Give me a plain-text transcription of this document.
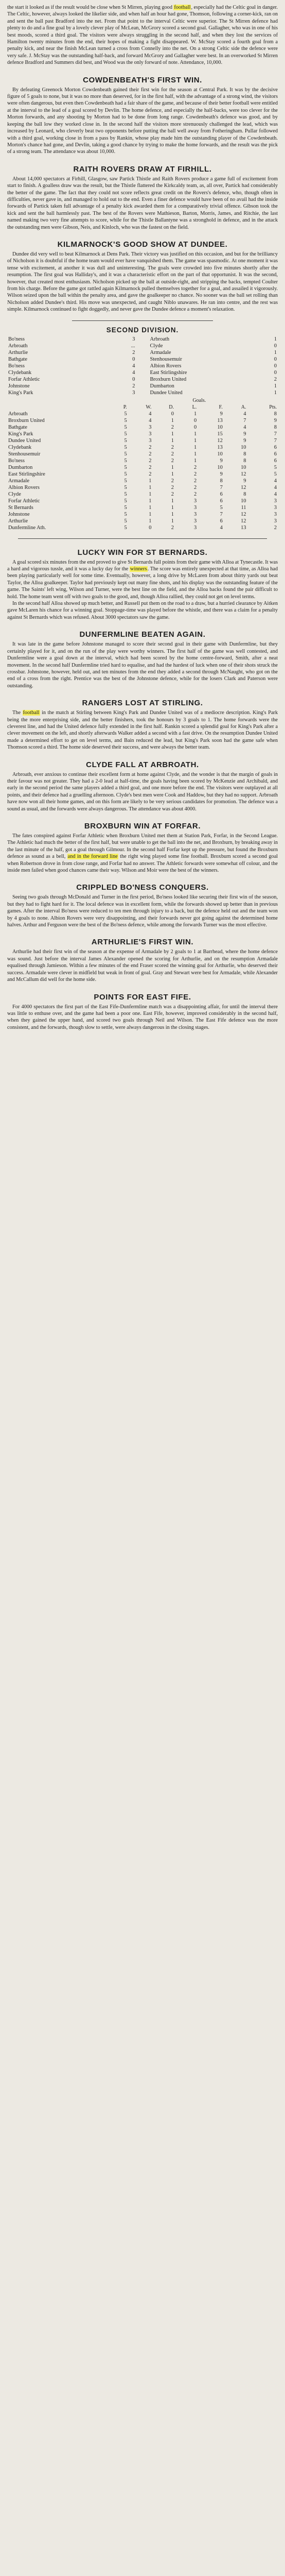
the start it looked as if the result would be close when St Mirren, playing good football, especially had the Celtic goal in danger. The Celtic, however, always looked the likelier side, and when half an hour had gone, Thomson, following a corner-kick, ran on and sent the ball past Bradford into the net. From that point to the interval Celtic were superior. The St Mirren defence had plenty to do and a fine goal by a lovely clever play of McLean, McGrory scored a second goal. Gallagher, who was in one of his best moods, scored a third goal. The visitors were always struggling in the second half, and when they lost the services of Hamilton twenty minutes from the end, their hopes of making a fight disappeared. W. McStay scored a fourth goal from a penalty kick, and near the finish McLean turned a cross from Connelly into the net. On a strong Celtic side the defence were very safe. J. McStay was the outstanding half-back, and forward McGrory and Gallagher were best. In an overworked St Mirren defence Bradford and Summers did best, and Wood was the only forward of note. Attendance, 10,000.

COWDENBEATH'S FIRST WIN.

By defeating Greenock Morton Cowdenbeath gained their first win for the season at Central Park. It was by the decisive figure of 5 goals to none, but it was no more than deserved, for in the first half, with the advantage of a strong wind, the visitors were often dangerous, but even then Cowdenbeath had a fair share of the game, and because of their better football were entitled at the interval to the lead of a goal scored by Devlin. The home defence, and especially the half-backs, were too clever for the Morton forwards, and any shooting by Morton had to be done from long range. Cowdenbeath's defence was good, and by keeping the ball low they worked close in. In the second half the visitors more strenuously challenged the lead, which was increased by Leonard, who cleverly beat two opponents before putting the ball well away from Fotheringham. Pullar followed with a third goal, working close in from a pass by Rankin, whose play made him the outstanding player of the Cowdenbeath. Morton's chance had gone, and Devlin, taking a good chance by trying to make the home forwards, and the result was the pick of a strong team. The attendance was about 10,000.

RAITH ROVERS DRAW AT FIRHILL.

About 14,000 spectators at Firhill, Glasgow, saw Partick Thistle and Raith Rovers produce a game full of excitement from start to finish. A goalless draw was the result, but the Thistle flattered the Kirkcaldy team, as, all over, Partick had considerably the better of the game. The fact that they could not score reflects great credit on the Rovers's defence, who, though often in difficulties, never gave in, and managed to hold out to the end. Even a finer defence would have been of no avail had the inside forwards of Partick taken full advantage of a penalty kick awarded them for a comparatively trivial offence. Gibson took the kick and sent the ball harmlessly past. The best of the Rovers were Mathieson, Barton, Morris, James, and Ritchie, the last named making two very fine attempts to score, while for the Thistle Ballantyne was a stronghold in defence, and in the attack the outstanding men were Gibson, Neis, and Kinloch, who was the fastest on the field.

KILMARNOCK'S GOOD SHOW AT DUNDEE.

Dundee did very well to beat Kilmarnock at Dens Park. Their victory was justified on this occasion, and but for the brilliancy of Nicholson it is doubtful if the home team would ever have vanquished them. The game was spasmodic. At one moment it was tense with excitement, at another it was dull and uninteresting. The goals were crowded into five minutes shortly after the resumption. The first goal was Halliday's, and it was a characteristic effort on the part of that opportunist. It was the second, however, that created most enthusiasm. Nicholson picked up the ball at outside-right, and stripping the backs, tempted Coulter from his charge. Before the game got rattled again Kilmarnock pulled themselves together for a goal, and assailed it vigorously. Wilson seized upon the ball within the penalty area, and gave the goalkeeper no chance. No sooner was the ball set rolling than Nicholson added Dundee's third. His move was unexpected, and caught Niblo unawares. He ran into centre, and the rest was simple. Kilmarnock continued to fight doggedly, and never gave the Dundee defence a moment's relaxation.

SECOND DIVISION.
Bo'ness	3		Arbroath	1
Arbroath	...		Clyde	0
Arthurlie	2		Armadale	1
Bathgate	0		Stenhousemuir	0
Bo'ness	4		Albion Rovers	0
Clydebank	4		East Stirlingshire	0
Forfar Athletic	0		Broxburn United	2
Johnstone	2		Dumbarton	1
King's Park	3		Dundee United	1
				Goals.			
	P.	W.	D.	L.	F.	A.	Pts.
Arbroath	5	4	0	1	9	4	8
Broxburn United	5	4	1	0	13	7	9
Bathgate	5	3	2	0	10	4	8
King's Park	5	3	1	1	15	9	7
Dundee United	5	3	1	1	12	9	7
Clydebank	5	2	2	1	13	10	6
Stenhousemuir	5	2	2	1	10	8	6
Bo'ness	5	2	2	1	9	8	6
Dumbarton	5	2	1	2	10	10	5
East Stirlingshire	5	2	1	2	9	12	5
Armadale	5	1	2	2	8	9	4
Albion Rovers	5	1	2	2	7	12	4
Clyde	5	1	2	2	6	8	4
Forfar Athletic	5	1	1	3	6	10	3
St Bernards	5	1	1	3	5	11	3
Johnstone	5	1	1	3	7	12	3
Arthurlie	5	1	1	3	6	12	3
Dunfermline Ath.	5	0	2	3	4	13	2
LUCKY WIN FOR ST BERNARDS.

A goal scored six minutes from the end proved to give St Bernards full points from their game with Alloa at Tynecastle. It was a hard and vigorous tussle, and it was a lucky day for the winners. The score was entirely unexpected at that time, as Alloa had been playing particularly well for some time. Eventually, however, a long drive by McLaren from about thirty yards out beat Taylor, the Alloa goalkeeper. Taylor had previously kept out many fine shots, and his display was the outstanding feature of the game. The Saints' left wing, Wilson and Turner, were the best line on the field, and the Alloa backs found the pair difficult to hold. The home team went off with two goals to the good, and, though Alloa rallied, they could not get on level terms.

In the second half Alloa showed up much better, and Russell put them on the road to a draw, but a hurried clearance by Aitken gave McLaren his chance for a winning goal. Stoppage-time was played before the whistle, and there was a claim for a penalty against St Bernards which was refused. About 3000 spectators saw the game.

DUNFERMLINE BEATEN AGAIN.

It was late in the game before Johnstone managed to score their second goal in their game with Dunfermline, but they certainly played for it, and on the run of the play were worthy winners. The first half of the game was well contested, and Dunfermline were a goal down at the interval, which had been scored by the home centre-forward, Smith, after a neat movement. In the second half Dunfermline tried hard to equalise, and had the hardest of luck when one of their shots struck the crossbar. Johnstone, however, held out, and ten minutes from the end they added a second through McNaught, who got on the end of a cross from the right. Prentice was the best of the Johnstone defence, while for the losers Clark and Paterson were outstanding.

RANGERS LOST AT STIRLING.

The football in the match at Stirling between King's Park and Dundee United was of a mediocre description. King's Park being the more enterprising side, and the better finishers, took the honours by 3 goals to 1. The home forwards were the cleverest line, and had the United defence fully extended in the first half. Rankin scored a splendid goal for King's Park after a clever movement on the left, and shortly afterwards Walker added a second with a fast drive. On the resumption Dundee United made a determined effort to get on level terms, and Bain reduced the lead, but King's Park soon had the game safe when Thomson scored a third. The home side deserved their success, and were always the better team.

CLYDE FALL AT ARBROATH.

Arbroath, ever anxious to continue their excellent form at home against Clyde, and the wonder is that the margin of goals in their favour was not greater. They had a 2-0 lead at half-time, the goals having been scored by McKenzie and Archibald, and early in the second period the same players added a third goal, and one more before the end. The visitors were outplayed at all points, and their defence had a gruelling afternoon. Clyde's best men were Cook and Haddow, but they had no support. Arbroath have now won all their home games, and on this form are likely to be very serious candidates for promotion. The defence was a sound as usual, and the forwards were always dangerous. The attendance was about 4000.

BROXBURN WIN AT FORFAR.

The fates conspired against Forfar Athletic when Broxburn United met them at Station Park, Forfar, in the Second League. The Athletic had much the better of the first half, but were unable to get the ball into the net, and Broxburn, by breaking away in the last minute of the half, got a goal through Gilmour. In the second half Forfar kept up the pressure, but found the Broxburn defence as sound as a bell, and in the forward line the right wing played some fine football. Broxburn scored a second goal when Robertson drove in from close range, and Forfar had no answer. The Athletic forwards were somewhat off colour, and the inside men failed when good chances came their way. Wilson and Moir were the best of the winners.

CRIPPLED BO'NESS CONQUERS.

Seeing two goals through McDonald and Turner in the first period, Bo'ness looked like securing their first win of the season, but they had to fight hard for it. The local defence was in excellent form, while the forwards showed up better than in previous games. After the interval Bo'ness were reduced to ten men through injury to a back, but the defence held out and the team won by 4 goals to none. Albion Rovers were very disappointing, and their forwards never got going against the determined home halves. Arthur and Ferguson were the best of the Bo'ness defence, while among the forwards Turner was the most effective.

ARTHURLIE'S FIRST WIN.

Arthurlie had their first win of the season at the expense of Armadale by 2 goals to 1 at Barrhead, where the home defence was sound. Just before the interval James Alexander opened the scoring for Arthurlie, and on the resumption Armadale equalised through Jamieson. Within a few minutes of the end Fraser scored the winning goal for Arthurlie, who deserved their success. Armadale were clever in midfield but weak in front of goal. Gray and Stewart were best for Armadale, while Alexander and McCallum did well for the home side.

POINTS FOR EAST FIFE.

For 4000 spectators the first part of the East Fife-Dunfermline match was a disappointing affair, for until the interval there was little to enthuse over, and the game had been a poor one. East Fife, however, improved considerably in the second half, when they gained the upper hand, and scored two goals through Neil and Wilson. The East Fife defence was the more consistent, and the forwards, though slow to settle, were always dangerous in the closing stages.
